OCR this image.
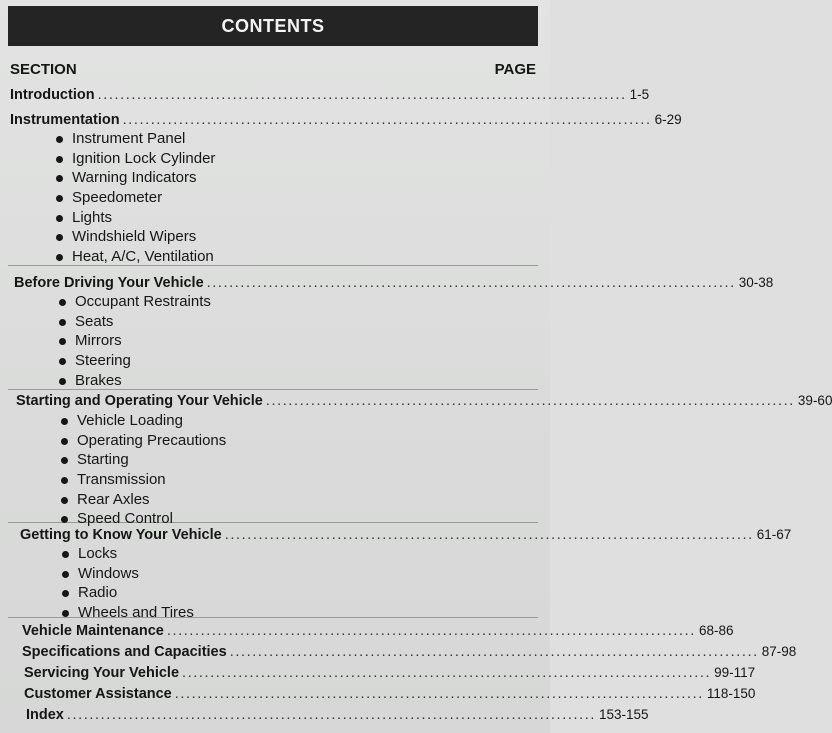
CONTENTS
SECTION	PAGE
Introduction .............................................................................................. 1-5
Instrumentation .............................................................................................. 6-29
Instrument Panel
Ignition Lock Cylinder
Warning Indicators
Speedometer
Lights
Windshield Wipers
Heat, A/C, Ventilation
Before Driving Your Vehicle .............................................................................................. 30-38
Occupant Restraints
Seats
Mirrors
Steering
Brakes
Starting and Operating Your Vehicle .............................................................................................. 39-60
Vehicle Loading
Operating Precautions
Starting
Transmission
Rear Axles
Speed Control
Getting to Know Your Vehicle .............................................................................................. 61-67
Locks
Windows
Radio
Wheels and Tires
Vehicle Maintenance .............................................................................................. 68-86
Specifications and Capacities .............................................................................................. 87-98
Servicing Your Vehicle .............................................................................................. 99-117
Customer Assistance .............................................................................................. 118-150
Index .............................................................................................. 153-155
